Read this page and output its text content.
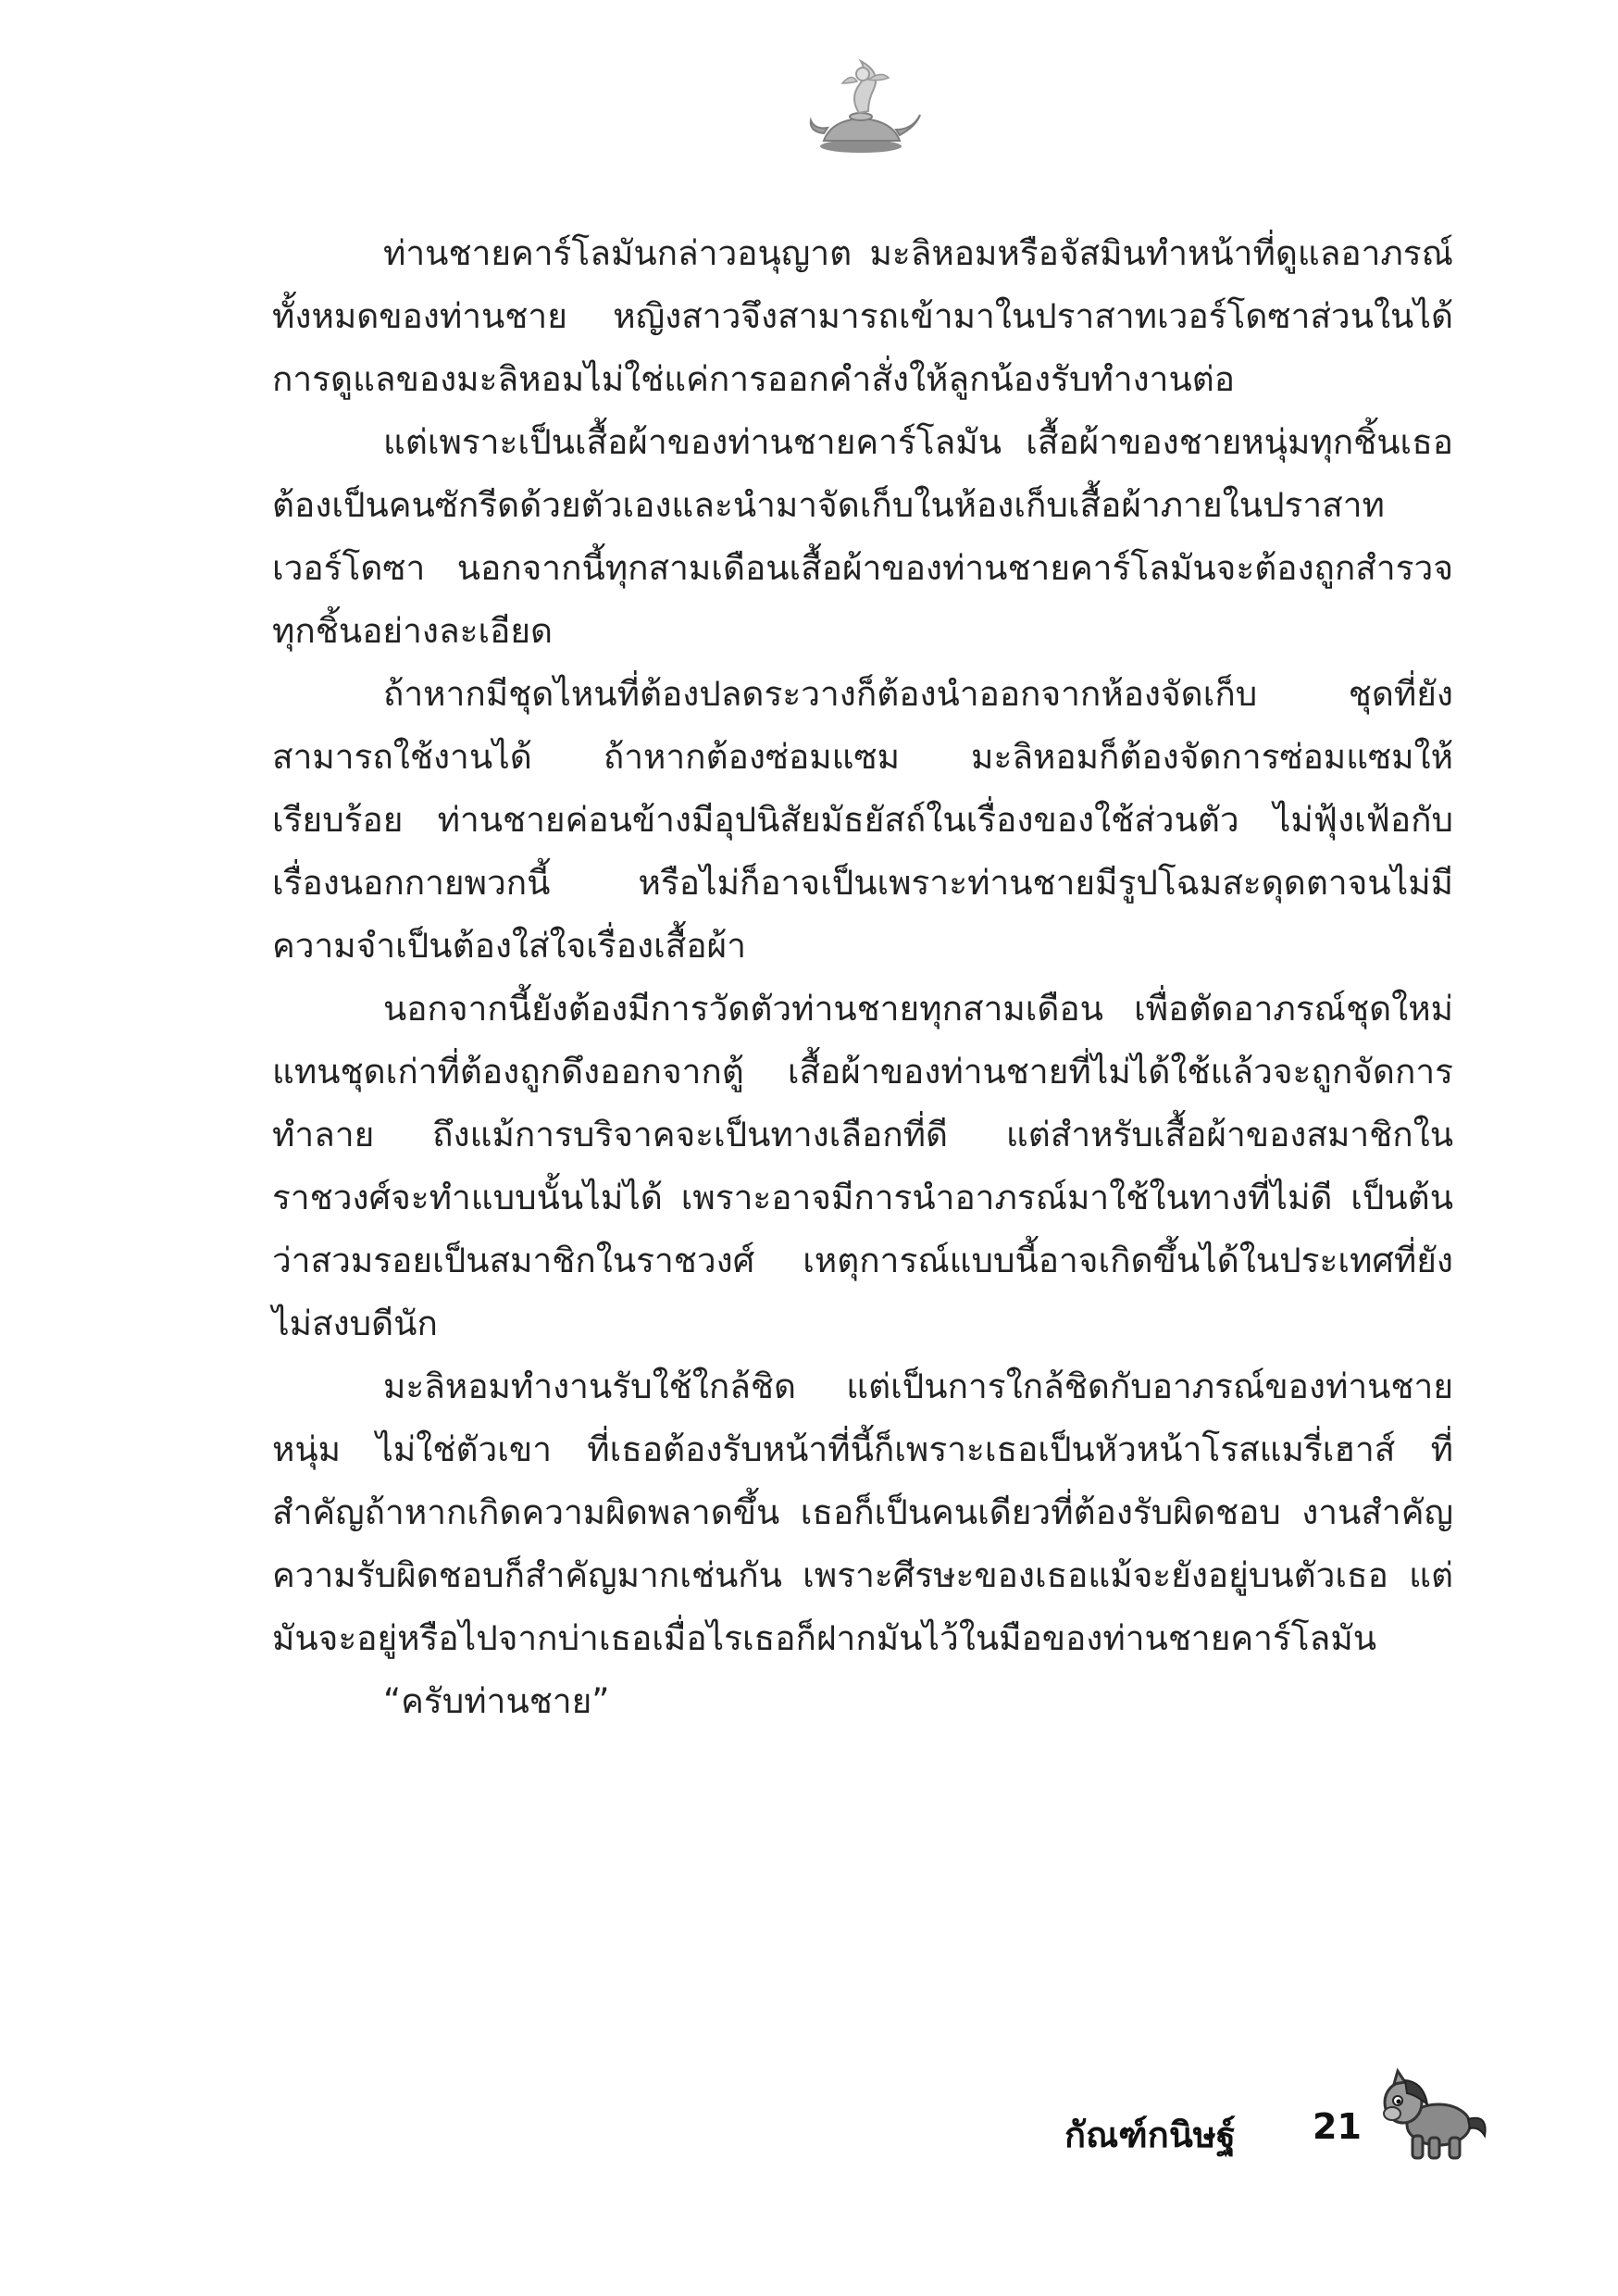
ท่านชายคาร์โลมันกล่าวอนุญาต มะลิหอมหรือจัสมินทำหน้าที่ดูแลอาภรณ์ทั้งหมดของท่านชาย หญิงสาวจึงสามารถเข้ามาในปราสาทเวอร์โดซาส่วนในได้ การดูแลของมะลิหอมไม่ใช่แค่การออกคำสั่งให้ลูกน้องรับทำงานต่อ

แต่เพราะเป็นเสื้อผ้าของท่านชายคาร์โลมัน เสื้อผ้าของชายหนุ่มทุกชิ้นเธอต้องเป็นคนซักรีดด้วยตัวเองและนำมาจัดเก็บในห้องเก็บเสื้อผ้าภายในปราสาทเวอร์โดซา นอกจากนี้ทุกสามเดือนเสื้อผ้าของท่านชายคาร์โลมันจะต้องถูกสำรวจทุกชิ้นอย่างละเอียด

ถ้าหากมีชุดไหนที่ต้องปลดระวางก็ต้องนำออกจากห้องจัดเก็บ ชุดที่ยังสามารถใช้งานได้ ถ้าหากต้องซ่อมแซม มะลิหอมก็ต้องจัดการซ่อมแซมให้เรียบร้อย ท่านชายค่อนข้างมีอุปนิสัยมัธยัสถ์ในเรื่องของใช้ส่วนตัว ไม่ฟุ้งเฟ้อกับเรื่องนอกกายพวกนี้ หรือไม่ก็อาจเป็นเพราะท่านชายมีรูปโฉมสะดุดตาจนไม่มีความจำเป็นต้องใส่ใจเรื่องเสื้อผ้า

นอกจากนี้ยังต้องมีการวัดตัวท่านชายทุกสามเดือน เพื่อตัดอาภรณ์ชุดใหม่แทนชุดเก่าที่ต้องถูกดึงออกจากตู้ เสื้อผ้าของท่านชายที่ไม่ได้ใช้แล้วจะถูกจัดการทำลาย ถึงแม้การบริจาคจะเป็นทางเลือกที่ดี แต่สำหรับเสื้อผ้าของสมาชิกในราชวงศ์จะทำแบบนั้นไม่ได้ เพราะอาจมีการนำอาภรณ์มาใช้ในทางที่ไม่ดี เป็นต้นว่าสวมรอยเป็นสมาชิกในราชวงศ์ เหตุการณ์แบบนี้อาจเกิดขึ้นได้ในประเทศที่ยังไม่สงบดีนัก

มะลิหอมทำงานรับใช้ใกล้ชิด แต่เป็นการใกล้ชิดกับอาภรณ์ของท่านชายหนุ่ม ไม่ใช่ตัวเขา ที่เธอต้องรับหน้าที่นี้ก็เพราะเธอเป็นหัวหน้าโรสแมรี่เฮาส์ ที่สำคัญถ้าหากเกิดความผิดพลาดขึ้น เธอก็เป็นคนเดียวที่ต้องรับผิดชอบ งานสำคัญ ความรับผิดชอบก็สำคัญมากเช่นกัน เพราะศีรษะของเธอแม้จะยังอยู่บนตัวเธอ แต่มันจะอยู่หรือไปจากบ่าเธอเมื่อไรเธอก็ฝากมันไว้ในมือของท่านชายคาร์โลมัน

“ครับท่านชาย”

กัณฑ์กนิษฐ์ 21
